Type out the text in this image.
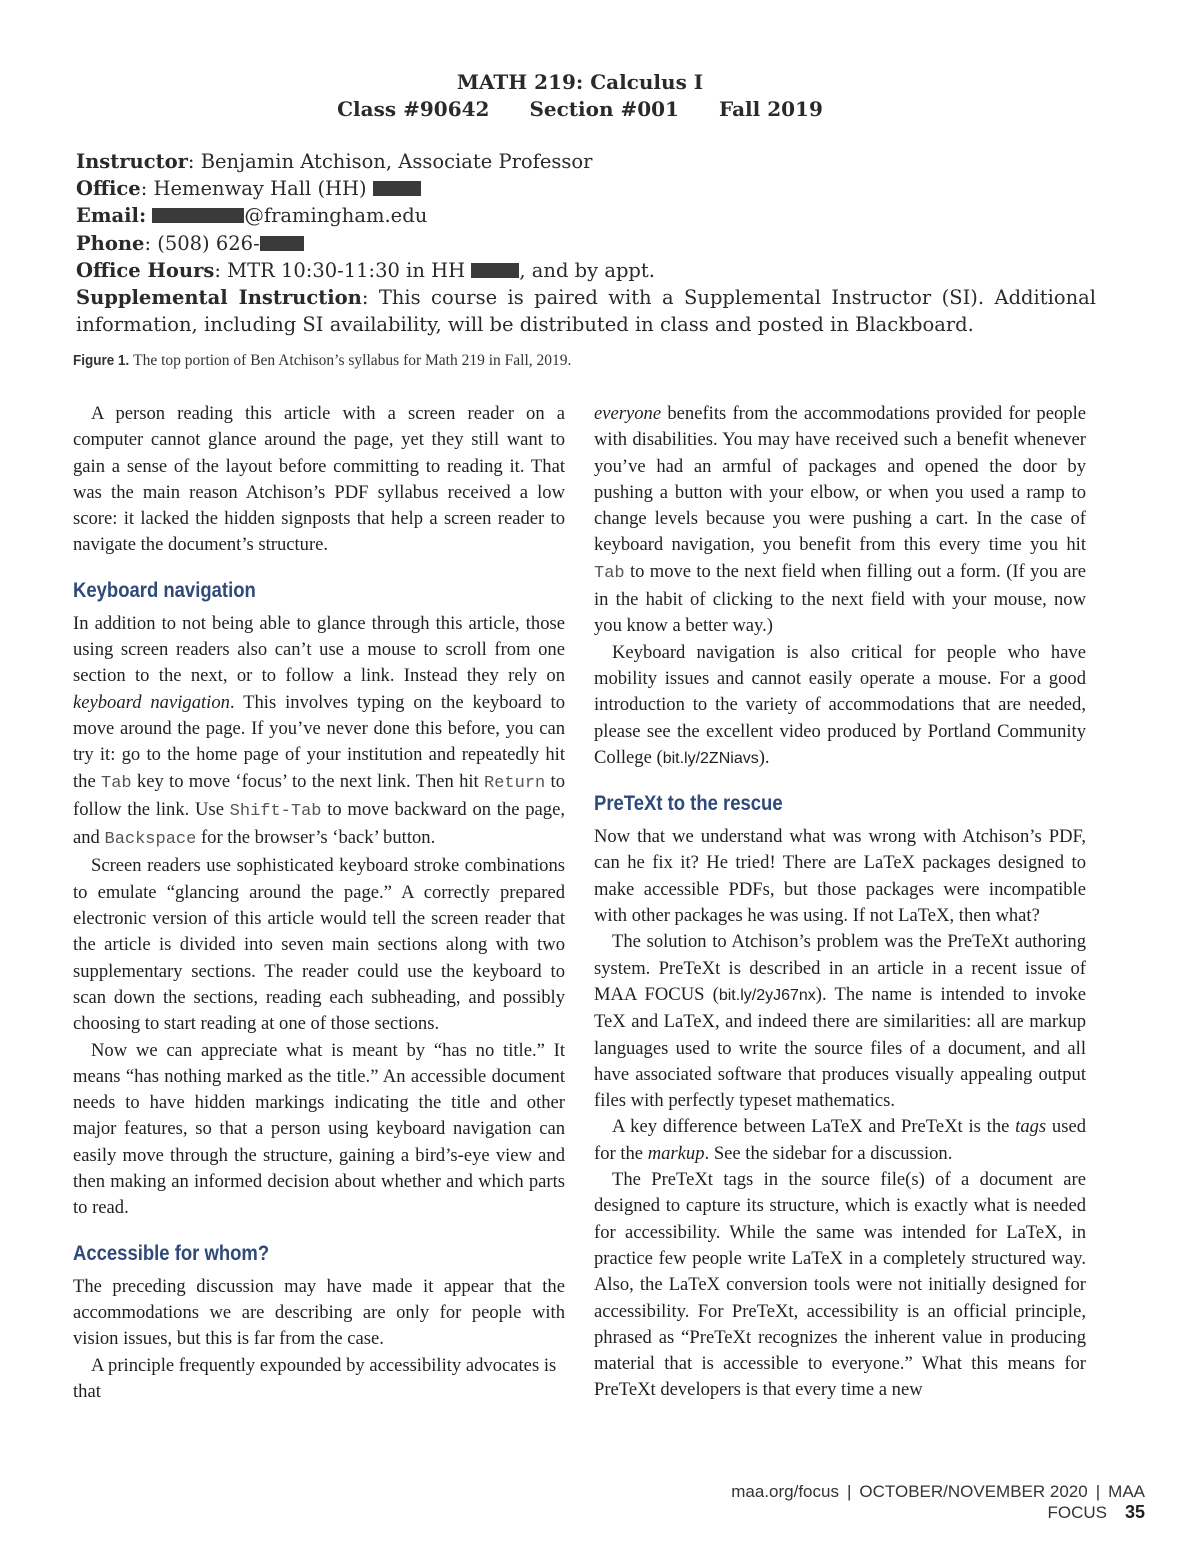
MATH 219: Calculus I
Class #90642 Section #001 Fall 2019
Instructor: Benjamin Atchison, Associate Professor
Office: Hemenway Hall (HH)
Email:	@framingham.edu
Phone: (508) 626-
Office Hours: MTR 10:30-11:30 in HH	, and by appt.
Supplemental Instruction: This course is paired with a Supplemental Instructor (SI). Additional information, including SI availability, will be distributed in class and posted in Blackboard.
Figure 1. The top portion of Ben Atchison’s syllabus for Math 219 in Fall, 2019.

A person reading this article with a screen reader on a computer cannot glance around the page, yet they still want to gain a sense of the layout before committing to reading it. That was the main reason Atchison’s PDF syllabus received a low score: it lacked the hidden signposts that help a screen reader to navigate the document’s structure.

Keyboard navigation

In addition to not being able to glance through this article, those using screen readers also can’t use a mouse to scroll from one section to the next, or to follow a link. Instead they rely on keyboard navigation. This involves typing on the keyboard to move around the page. If you’ve never done this before, you can try it: go to the home page of your institution and repeatedly hit the Tab key to move ‘focus’ to the next link. Then hit Return to follow the link. Use Shift-Tab to move backward on the page, and Backspace for the browser’s ‘back’ button.

Screen readers use sophisticated keyboard stroke combinations to emulate “glancing around the page.” A correctly prepared electronic version of this article would tell the screen reader that the article is divided into seven main sections along with two supplementary sections. The reader could use the keyboard to scan down the sections, reading each subheading, and possibly choosing to start reading at one of those sections.

Now we can appreciate what is meant by “has no title.” It means “has nothing marked as the title.” An accessible document needs to have hidden markings indicating the title and other major features, so that a person using keyboard navigation can easily move through the structure, gaining a bird’s-eye view and then making an informed decision about whether and which parts to read.

Accessible for whom?

The preceding discussion may have made it appear that the accommodations we are describing are only for people with vision issues, but this is far from the case.

A principle frequently expounded by accessibility advocates is that

everyone benefits from the accommodations provided for people with disabilities. You may have received such a benefit whenever you’ve had an armful of packages and opened the door by pushing a button with your elbow, or when you used a ramp to change levels because you were pushing a cart. In the case of keyboard navigation, you benefit from this every time you hit Tab to move to the next field when filling out a form. (If you are in the habit of clicking to the next field with your mouse, now you know a better way.)

Keyboard navigation is also critical for people who have mobility issues and cannot easily operate a mouse. For a good introduction to the variety of accommodations that are needed, please see the excellent video produced by Portland Community College (bit.ly/2ZNiavs).

PreTeXt to the rescue

Now that we understand what was wrong with Atchison’s PDF, can he fix it? He tried! There are LaTeX packages designed to make accessible PDFs, but those packages were incompatible with other packages he was using. If not LaTeX, then what?

The solution to Atchison’s problem was the PreTeXt authoring system. PreTeXt is described in an article in a recent issue of MAA FOCUS (bit.ly/2yJ67nx). The name is intended to invoke TeX and LaTeX, and indeed there are similarities: all are markup languages used to write the source files of a document, and all have associated software that produces visually appealing output files with perfectly typeset mathematics.

A key difference between LaTeX and PreTeXt is the tags used for the markup. See the sidebar for a discussion.

The PreTeXt tags in the source file(s) of a document are designed to capture its structure, which is exactly what is needed for accessibility. While the same was intended for LaTeX, in practice few people write LaTeX in a completely structured way. Also, the LaTeX conversion tools were not initially designed for accessibility. For PreTeXt, accessibility is an official principle, phrased as “PreTeXt recognizes the inherent value in producing material that is accessible to everyone.” What this means for PreTeXt developers is that every time a new

maa.org/focus | OCTOBER/NOVEMBER 2020 | MAA FOCUS 35
